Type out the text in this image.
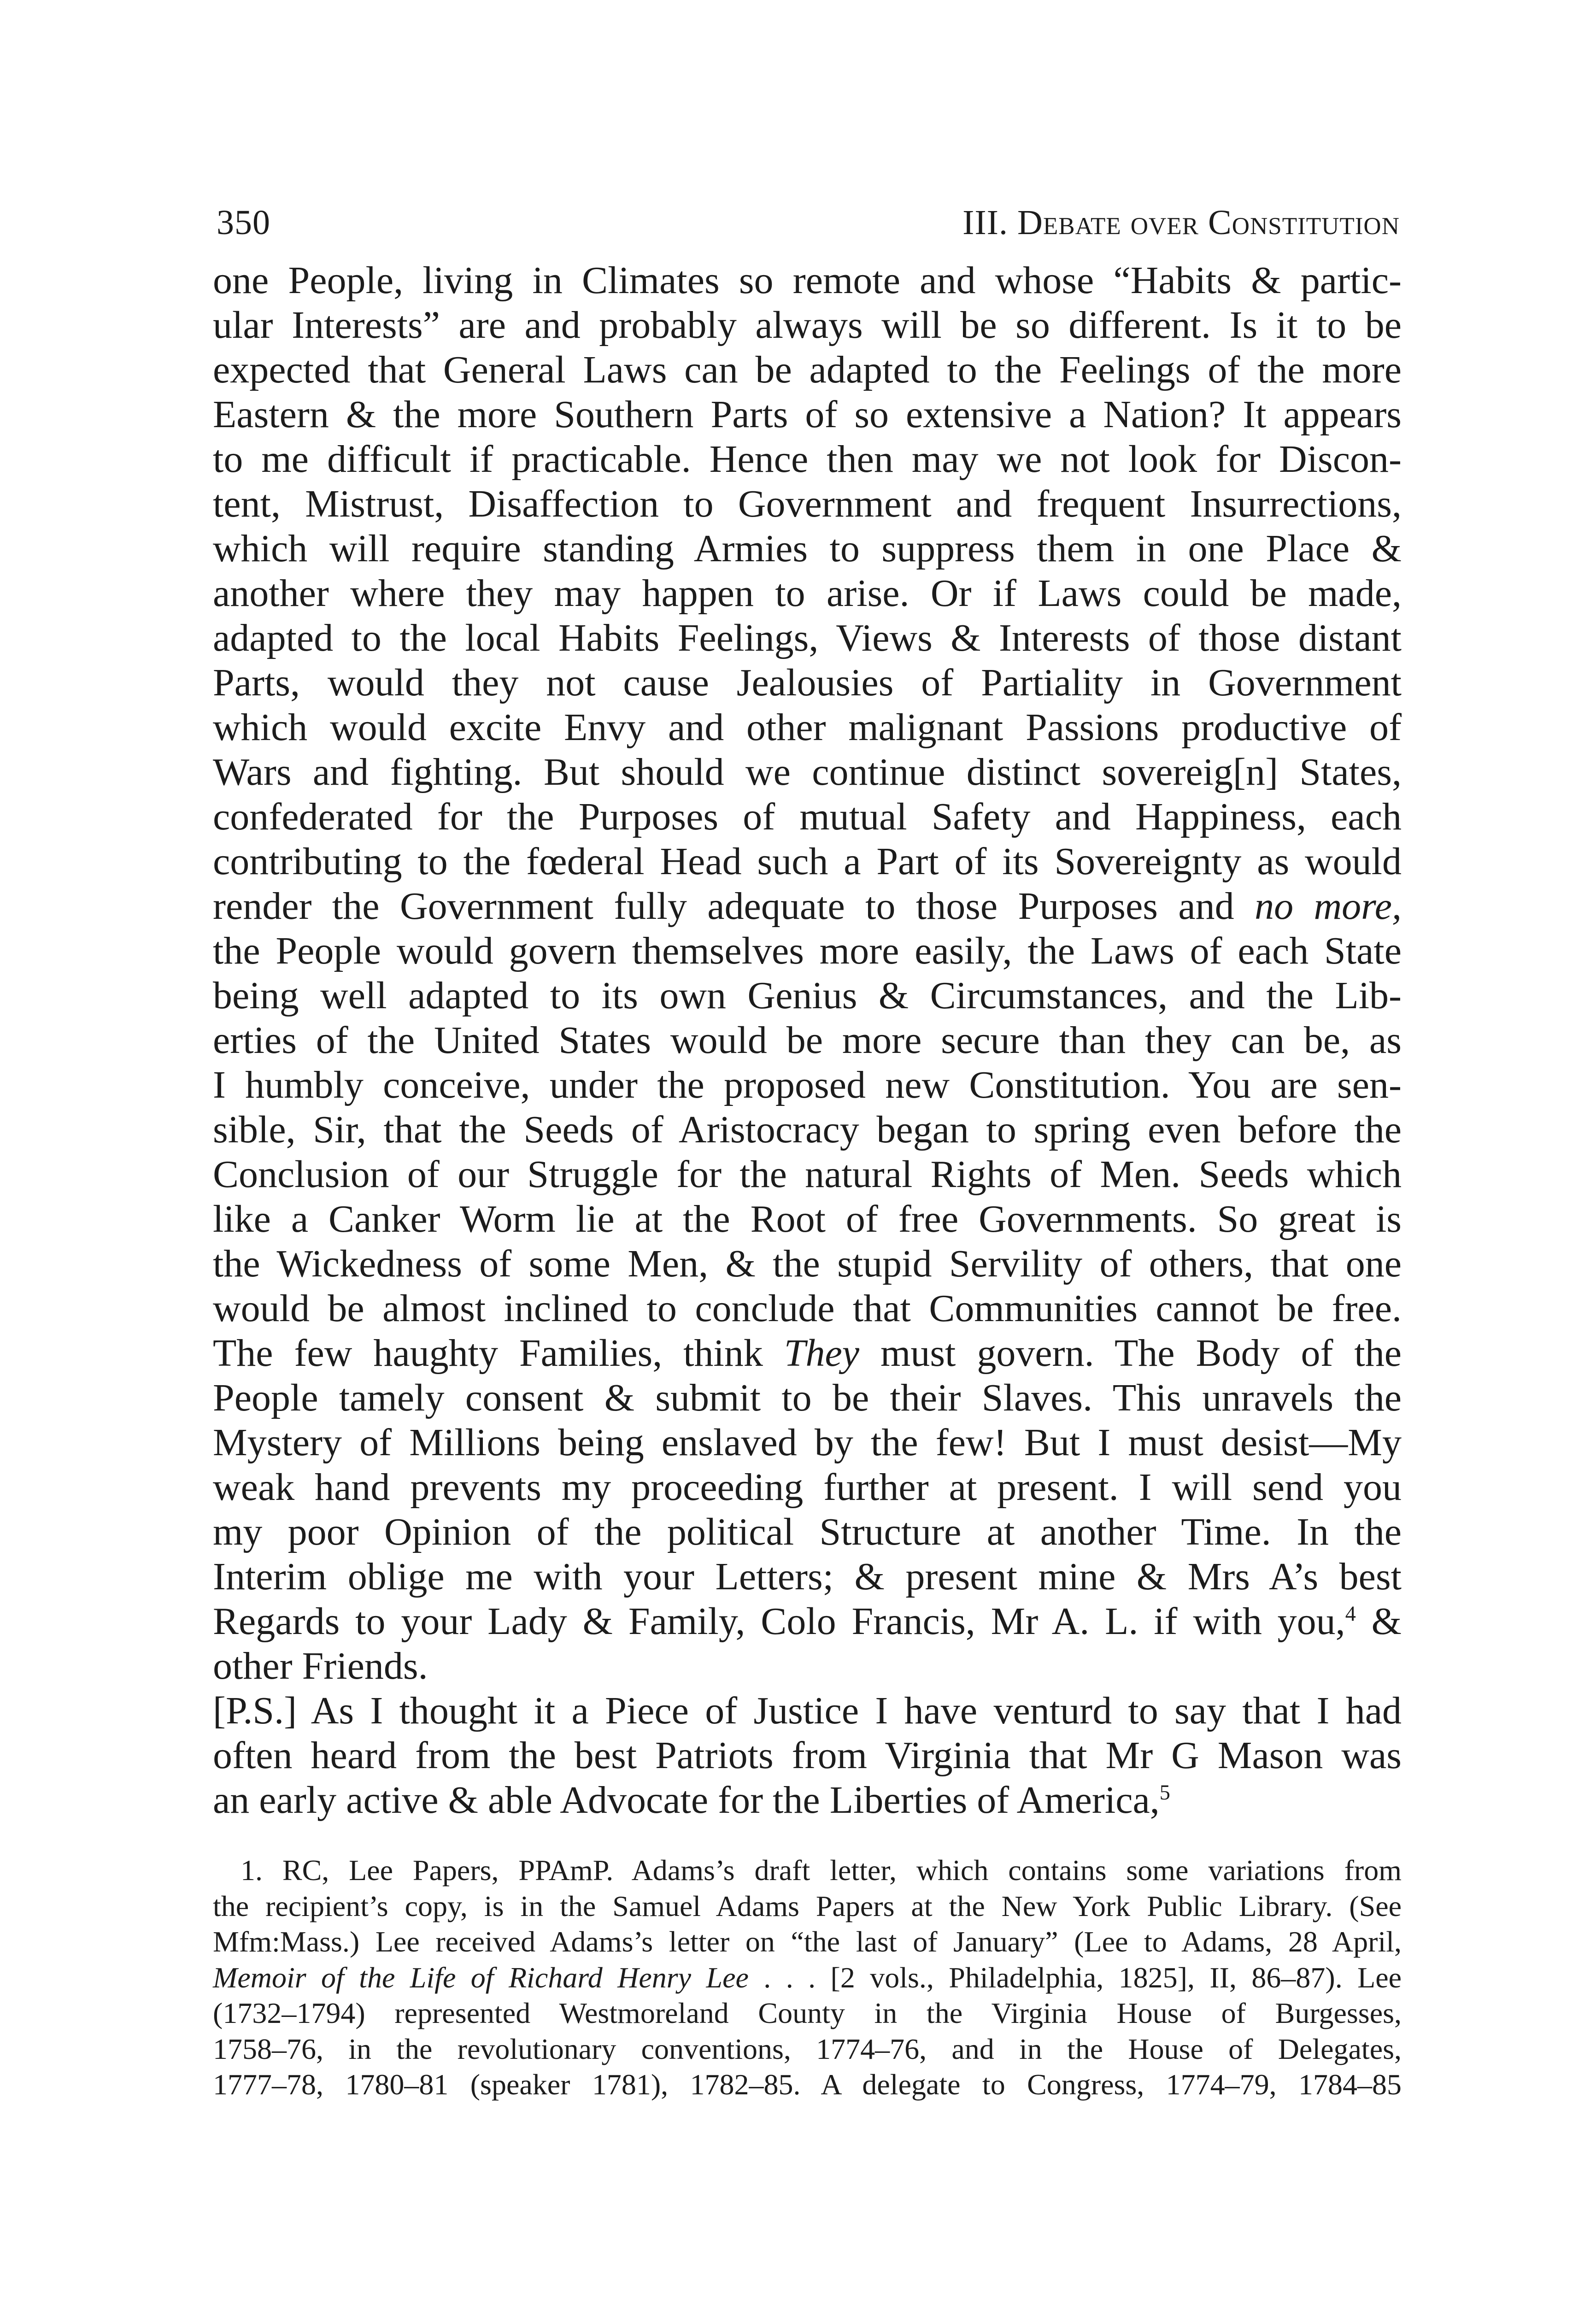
350	III. Debate over Constitution
one People, living in Climates so remote and whose “Habits & partic-
ular Interests” are and probably always will be so different. Is it to be
expected that General Laws can be adapted to the Feelings of the more
Eastern & the more Southern Parts of so extensive a Nation? It appears
to me difficult if practicable. Hence then may we not look for Discon-
tent, Mistrust, Disaffection to Government and frequent Insurrections,
which will require standing Armies to suppress them in one Place &
another where they may happen to arise. Or if Laws could be made,
adapted to the local Habits Feelings, Views & Interests of those distant
Parts, would they not cause Jealousies of Partiality in Government
which would excite Envy and other malignant Passions productive of
Wars and fighting. But should we continue distinct sovereig[n] States,
confederated for the Purposes of mutual Safety and Happiness, each
contributing to the fœderal Head such a Part of its Sovereignty as would
render the Government fully adequate to those Purposes and no more,
the People would govern themselves more easily, the Laws of each State
being well adapted to its own Genius & Circumstances, and the Lib-
erties of the United States would be more secure than they can be, as
I humbly conceive, under the proposed new Constitution. You are sen-
sible, Sir, that the Seeds of Aristocracy began to spring even before the
Conclusion of our Struggle for the natural Rights of Men. Seeds which
like a Canker Worm lie at the Root of free Governments. So great is
the Wickedness of some Men, & the stupid Servility of others, that one
would be almost inclined to conclude that Communities cannot be free.
The few haughty Families, think They must govern. The Body of the
People tamely consent & submit to be their Slaves. This unravels the
Mystery of Millions being enslaved by the few! But I must desist—My
weak hand prevents my proceeding further at present. I will send you
my poor Opinion of the political Structure at another Time. In the
Interim oblige me with your Letters; & present mine & Mrs A’s best
Regards to your Lady & Family, Colo Francis, Mr A. L. if with you,$^4$ &
other Friends.
[P.S.] As I thought it a Piece of Justice I have venturd to say that I had
often heard from the best Patriots from Virginia that Mr G Mason was
an early active & able Advocate for the Liberties of America,$^5$
1. RC, Lee Papers, PPAmP. Adams’s draft letter, which contains some variations from
the recipient’s copy, is in the Samuel Adams Papers at the New York Public Library. (See
Mfm:Mass.) Lee received Adams’s letter on “the last of January” (Lee to Adams, 28 April,
Memoir of the Life of Richard Henry Lee . . . [2 vols., Philadelphia, 1825], II, 86–87). Lee
(1732–1794) represented Westmoreland County in the Virginia House of Burgesses,
1758–76, in the revolutionary conventions, 1774–76, and in the House of Delegates,
1777–78, 1780–81 (speaker 1781), 1782–85. A delegate to Congress, 1774–79, 1784–85
